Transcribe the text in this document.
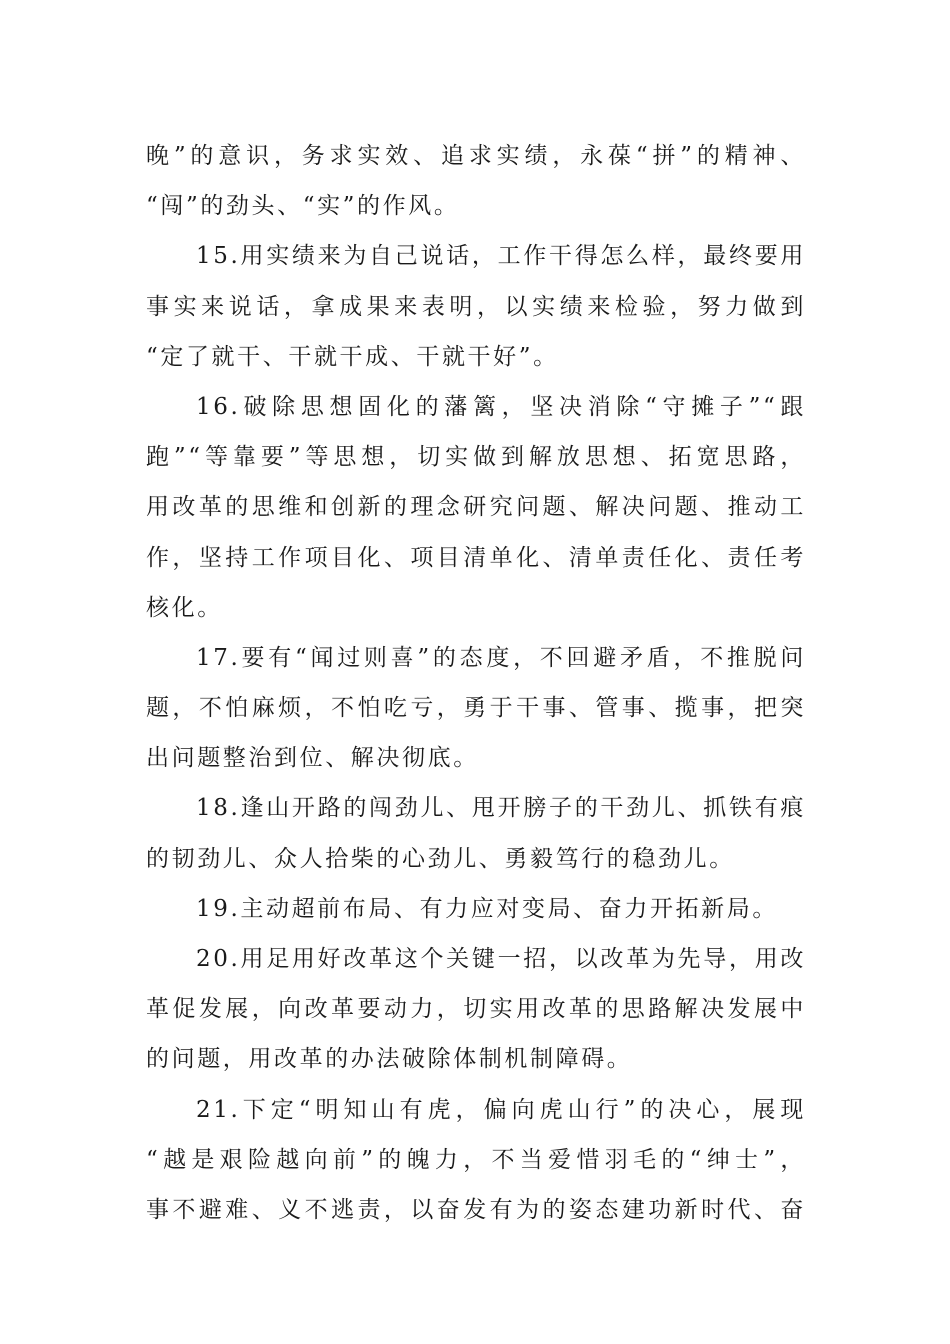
晚”的意识，务求实效、追求实绩，永葆“拼”的精神、
“闯”的劲头、“实”的作风。
15.用实绩来为自己说话，工作干得怎么样，最终要用
事实来说话，拿成果来表明，以实绩来检验，努力做到
“定了就干、干就干成、干就干好”。
16.破除思想固化的藩篱，坚决消除“守摊子”“跟
跑”“等靠要”等思想，切实做到解放思想、拓宽思路，
用改革的思维和创新的理念研究问题、解决问题、推动工
作，坚持工作项目化、项目清单化、清单责任化、责任考
核化。
17.要有“闻过则喜”的态度，不回避矛盾，不推脱问
题，不怕麻烦，不怕吃亏，勇于干事、管事、揽事，把突
出问题整治到位、解决彻底。
18.逢山开路的闯劲儿、甩开膀子的干劲儿、抓铁有痕
的韧劲儿、众人拾柴的心劲儿、勇毅笃行的稳劲儿。
19.主动超前布局、有力应对变局、奋力开拓新局。
20.用足用好改革这个关键一招，以改革为先导，用改
革促发展，向改革要动力，切实用改革的思路解决发展中
的问题，用改革的办法破除体制机制障碍。
21.下定“明知山有虎，偏向虎山行”的决心，展现
“越是艰险越向前”的魄力，不当爱惜羽毛的“绅士”，
事不避难、义不逃责，以奋发有为的姿态建功新时代、奋
